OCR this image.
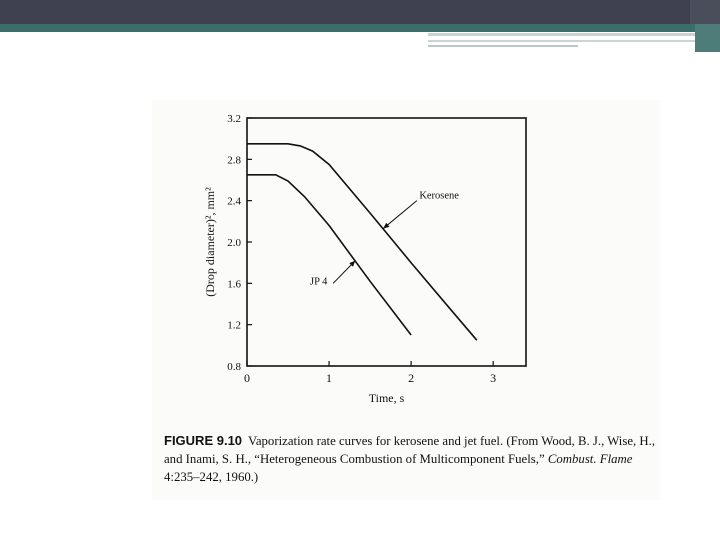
0	1	2	3
0.8
1.2
1.6
2.0
2.4
2.8
3.2
Kerosene
JP 4
Time, s
(Drop diameter)², mm²
FIGURE 9.10 Vaporization rate curves for kerosene and jet fuel. (From Wood, B. J., Wise, H., and Inami, S. H., “Heterogeneous Combustion of Multicomponent Fuels,” Combust. Flame 4:235–242, 1960.)
